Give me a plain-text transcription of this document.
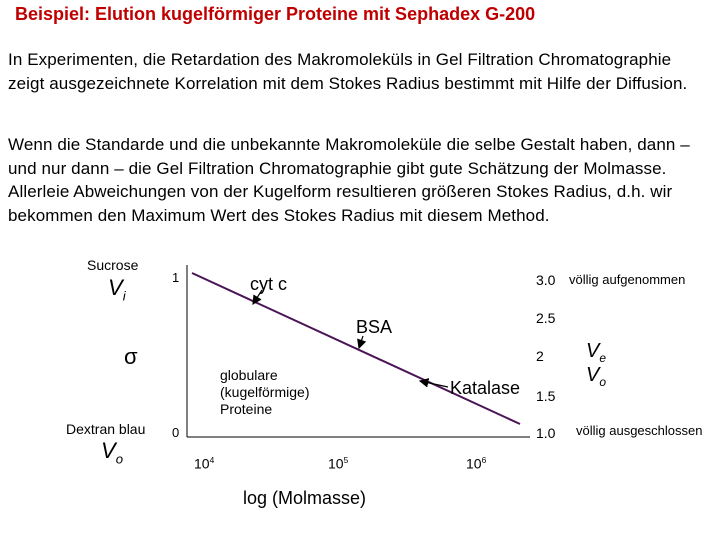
Beispiel: Elution kugelförmiger Proteine mit Sephadex G-200
In Experimenten, die Retardation des Makromoleküls in Gel Filtration Chromatographie zeigt ausgezeichnete Korrelation mit dem Stokes Radius bestimmt mit Hilfe der Diffusion.
Wenn die Standarde und die unbekannte Makromoleküle die selbe Gestalt haben, dann – und nur dann – die Gel Filtration Chromatographie gibt gute Schätzung der Molmasse. Allerleie Abweichungen von der Kugelform resultieren größeren Stokes Radius, d.h. wir bekommen den Maximum Wert des Stokes Radius mit diesem Method.
Sucrose
$V_i$
1
σ
Dextran blau 0
$V_o$
cyt c
BSA
globulare
(kugelförmige)
Proteine
Katalase
$10^4$	$10^5$	$10^6$
log (Molmasse)
3.0
2.5
2
1.5
1.0
völlig aufgenommen
völlig ausgeschlossen
$V_e$
$V_o$
